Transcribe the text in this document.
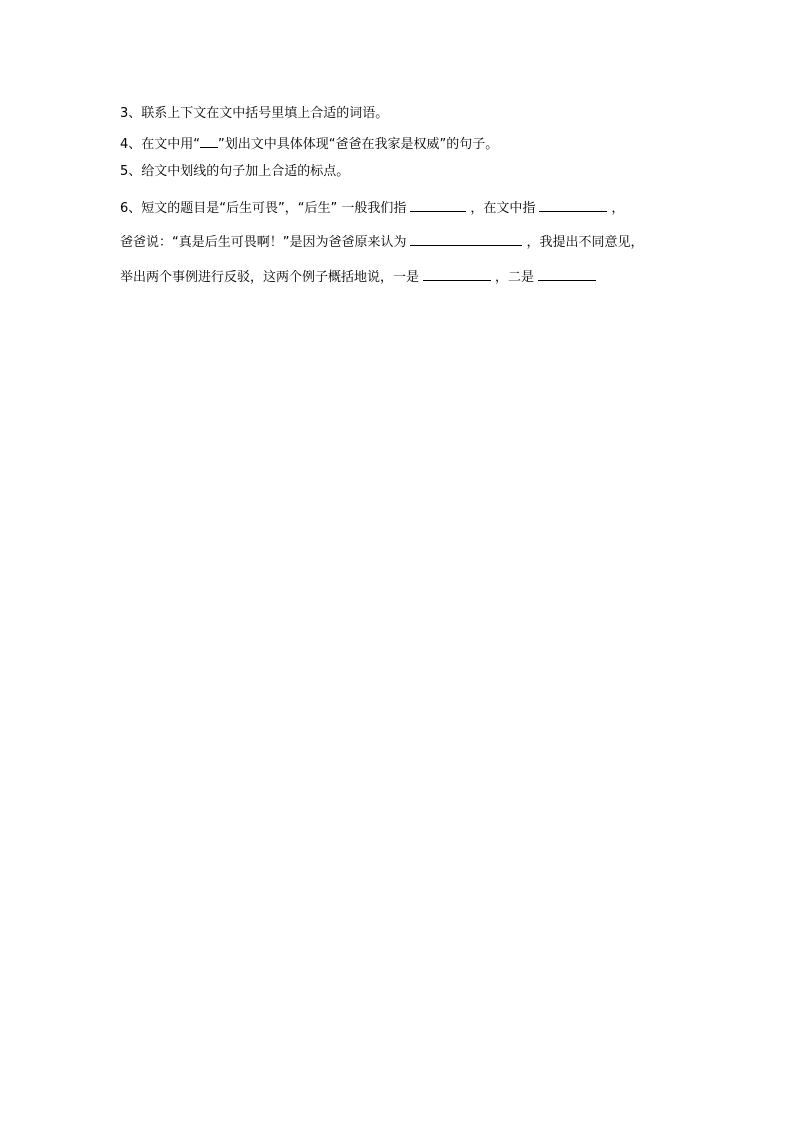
3、联系上下文在文中括号里填上合适的词语。
4、在文中用“ ”划出文中具体体现“爸爸在我家是权威”的句子。
5、给文中划线的句子加上合适的标点。
6、短文的题目是“后生可畏”，“后生” 一般我们指	，在文中指	，
爸爸说：“真是后生可畏啊！”是因为爸爸原来认为	，我提出不同意见，
举出两个事例进行反驳，这两个例子概括地说，一是	，二是
